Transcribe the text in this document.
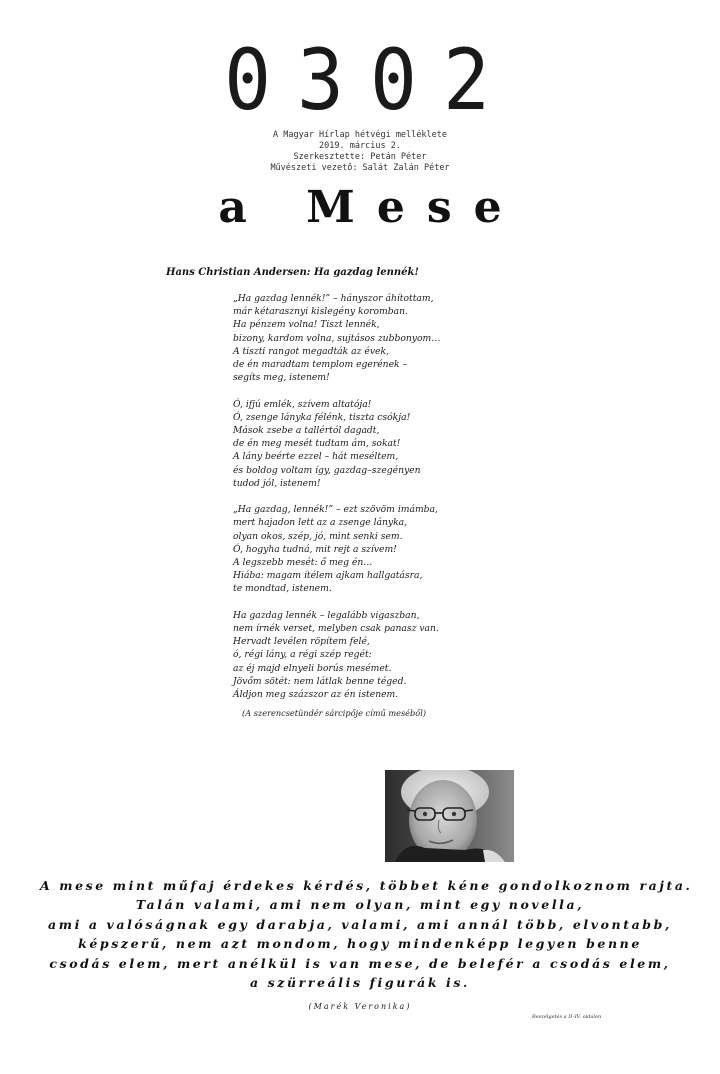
0 3 0 2
A Magyar Hírlap hétvégi melléklete
2019. március 2.
Szerkesztette: Petán Péter
Művészeti vezető: Salát Zalán Péter
a Mese
Hans Christian Andersen: Ha gazdag lennék!
„Ha gazdag lennék!” – hányszor áhítottam,
már kétarasznyi kislegény koromban.
Ha pénzem volna! Tiszt lennék,
bizony, kardom volna, sujtásos zubbonyom…
A tiszti rangot megadták az évek,
de én maradtam templom egerének –
segíts meg, istenem!
Ó, ifjú emlék, szívem altatója!
Ó, zsenge lányka félénk, tiszta csókja!
Mások zsebe a tallértól dagadt,
de én meg mesét tudtam ám, sokat!
A lány beérte ezzel – hát meséltem,
és boldog voltam így, gazdag–szegényen
tudod jól, istenem!
„Ha gazdag, lennék!” – ezt szövöm imámba,
mert hajadon lett az a zsenge lányka,
olyan okos, szép, jó, mint senki sem.
Ó, hogyha tudná, mit rejt a szívem!
A legszebb mesét: ő meg én…
Hiába: magam ítélem ajkam hallgatásra,
te mondtad, istenem.
Ha gazdag lennék – legalább vigaszban,
nem írnék verset, melyben csak panasz van.
Hervadt levélen röpítem felé,
ó, régi lány, a régi szép regét:
az éj majd elnyeli borús mesémet.
Jövőm sötét: nem látlak benne téged.
Áldjon meg százszor az én istenem.
(A szerencsetündér sárcipője című meséből)
A mese mint műfaj érdekes kérdés, többet kéne gondolkoznom rajta.
Talán valami, ami nem olyan, mint egy novella,
ami a valóságnak egy darabja, valami, ami annál több, elvontabb,
képszerű, nem azt mondom, hogy mindenképp legyen benne
csodás elem, mert anélkül is van mese, de belefér a csodás elem,
a szürreális figurák is.
(Marék Veronika)
Beszélgetés a II–IV. oldalon
